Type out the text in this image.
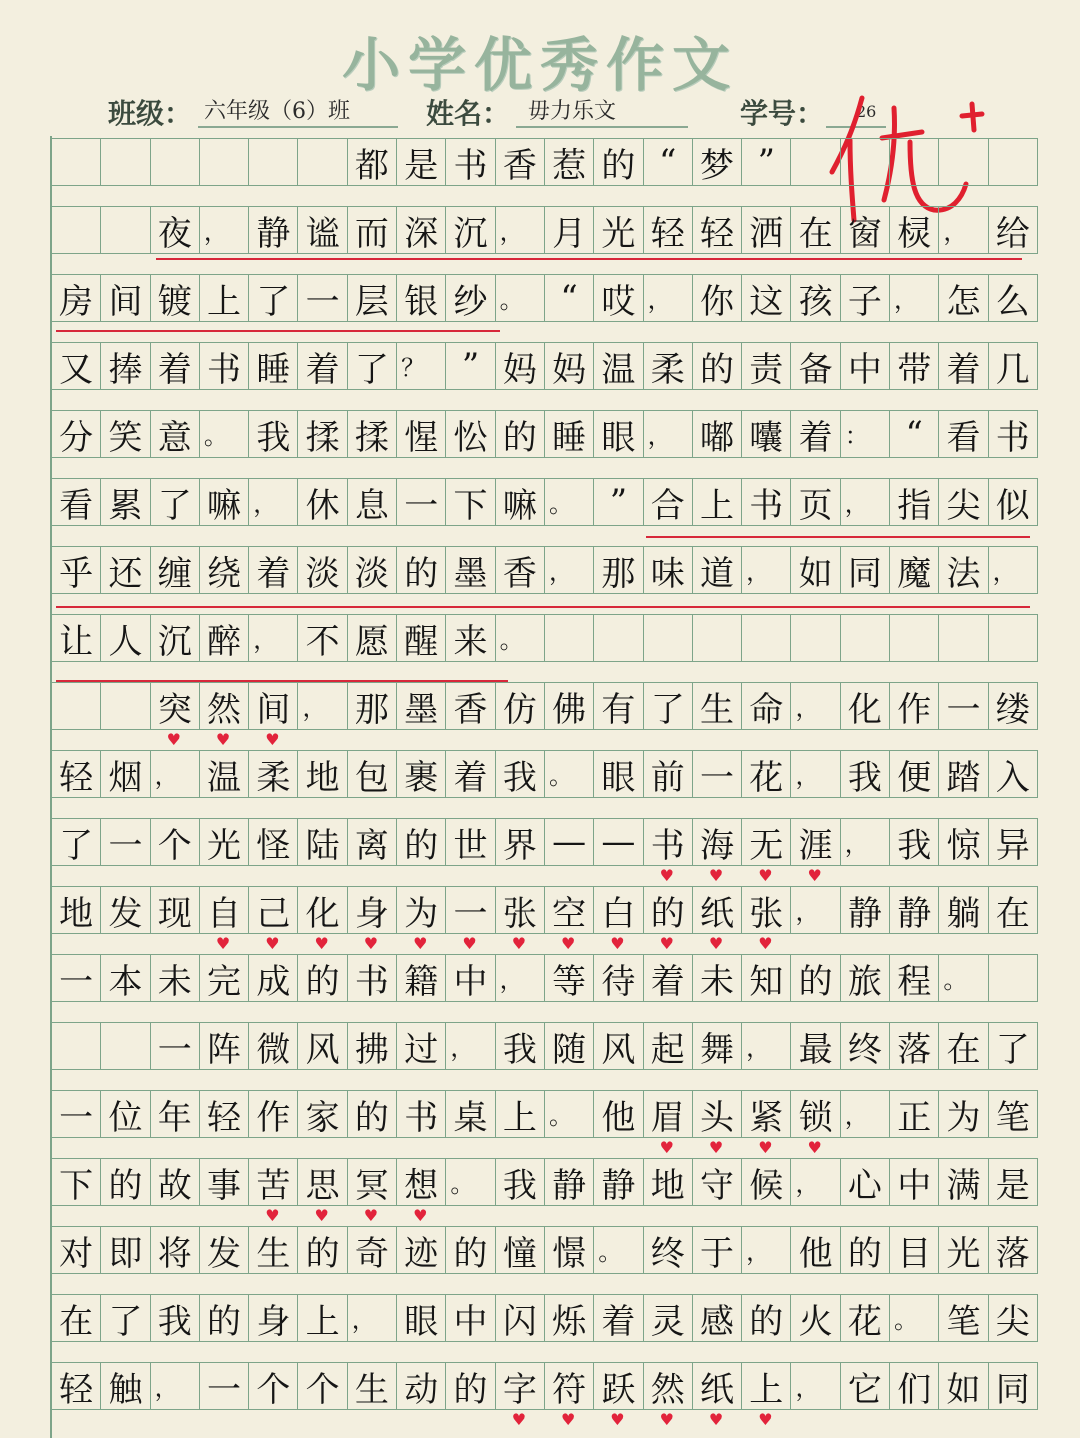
小学优秀作文
班级： 六年级（6）班	姓名： 毋力乐文	学号： 26
都 是 书 香 惹 的 “ 梦 ”
夜 ， 静 谧 而 深 沉 ， 月 光 轻 轻 洒 在 窗 棂 ， 给
房 间 镀 上 了 一 层 银 纱 。	“ 哎 ， 你 这 孩 子 ， 怎 么
又 捧 着 书 睡 着 了 ？	” 妈 妈 温 柔 的 责 备 中 带 着 几
分 笑 意 。 我 揉 揉 惺 忪 的 睡 眼 ， 嘟 囔 着 ：	“ 看 书
看 累 了 嘛 ， 休 息 一 下 嘛 。	” 合 上 书 页 ， 指 尖 似
乎 还 缠 绕 着 淡 淡 的 墨 香 ， 那 味 道 ， 如 同 魔 法 ，
让 人 沉 醉 ， 不 愿 醒 来 。
突 然 间 ， 那 墨 香 仿 佛 有 了 生 命 ， 化 作 一 缕
轻 烟 ， 温 柔 地 包 裹 着 我 。 眼 前 一 花 ， 我 便 踏 入
了 一 个 光 怪 陆 离 的 世 界 — — 书 海 无 涯 ， 我 惊 异
地 发 现 自 己 化 身 为 一 张 空 白 的 纸 张 ， 静 静 躺 在
一 本 未 完 成 的 书 籍 中 ， 等 待 着 未 知 的 旅 程 。
一 阵 微 风 拂 过 ， 我 随 风 起 舞 ， 最 终 落 在 了
一 位 年 轻 作 家 的 书 桌 上 。 他 眉 头 紧 锁 ， 正 为 笔
下 的 故 事 苦 思 冥 想 。 我 静 静 地 守 候 ， 心 中 满 是
对 即 将 发 生 的 奇 迹 的 憧 憬 。 终 于 ， 他 的 目 光 落
在 了 我 的 身 上 ， 眼 中 闪 烁 着 灵 感 的 火 花 。 笔 尖
轻 触 ， 一 个 个 生 动 的 字 符 跃 然 纸 上 ， 它 们 如 同
♥ ♥ ♥
♥ ♥ ♥ ♥
♥ ♥ ♥ ♥ ♥ ♥ ♥ ♥ ♥ ♥ ♥ ♥
♥ ♥ ♥ ♥
♥ ♥ ♥ ♥
♥ ♥ ♥ ♥ ♥ ♥
